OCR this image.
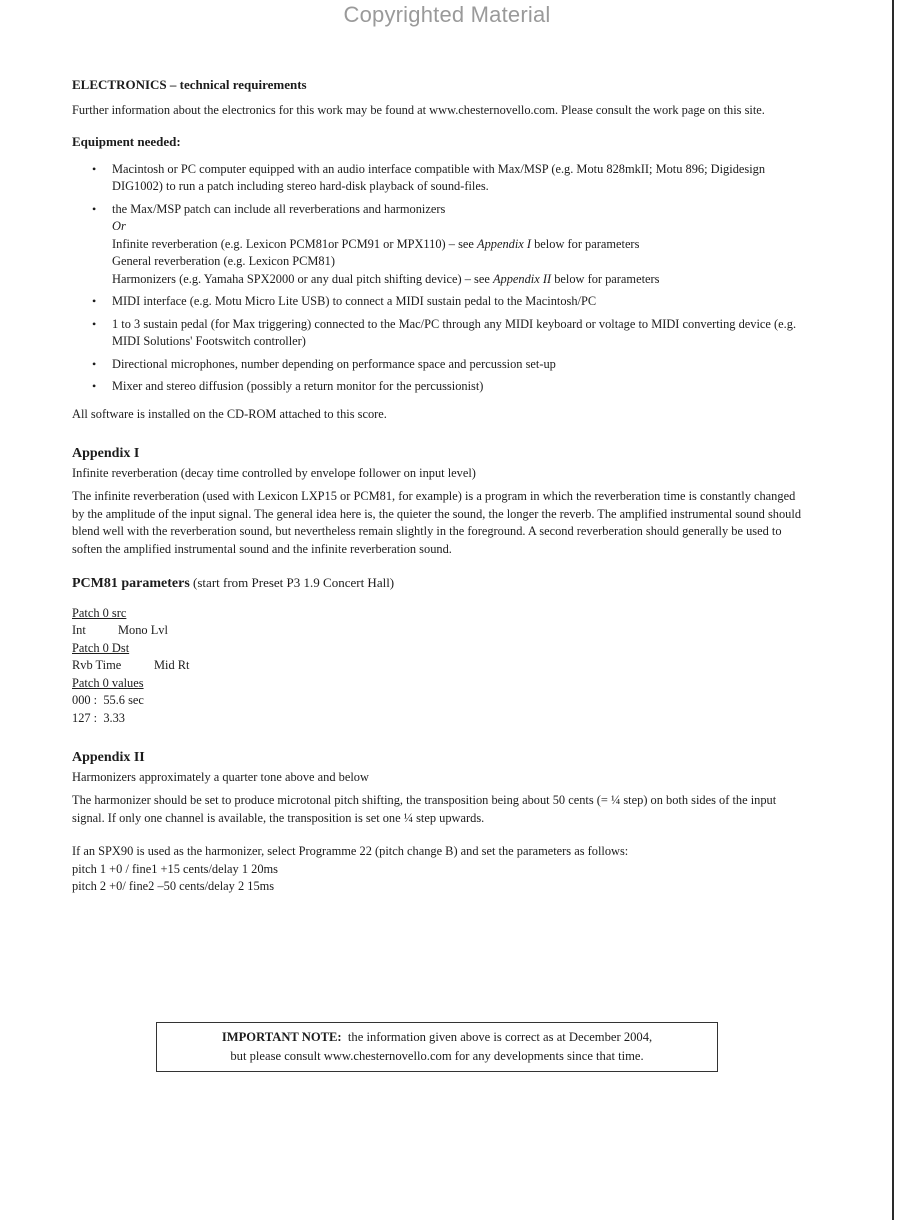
Copyrighted Material

ELECTRONICS – technical requirements

Further information about the electronics for this work may be found at www.chesternovello.com. Please consult the work page on this site.

Equipment needed:

• Macintosh or PC computer equipped with an audio interface compatible with Max/MSP (e.g. Motu 828mkII; Motu 896; Digidesign DIG1002) to run a patch including stereo hard-disk playback of sound-files.
• the Max/MSP patch can include all reverberations and harmonizers
Or
Infinite reverberation (e.g. Lexicon PCM81or PCM91 or MPX110) – see Appendix I below for parameters
General reverberation (e.g. Lexicon PCM81)
Harmonizers (e.g. Yamaha SPX2000 or any dual pitch shifting device) – see Appendix II below for parameters
• MIDI interface (e.g. Motu Micro Lite USB) to connect a MIDI sustain pedal to the Macintosh/PC
• 1 to 3 sustain pedal (for Max triggering) connected to the Mac/PC through any MIDI keyboard or voltage to MIDI converting device (e.g. MIDI Solutions' Footswitch controller)
• Directional microphones, number depending on performance space and percussion set-up
• Mixer and stereo diffusion (possibly a return monitor for the percussionist)

All software is installed on the CD-ROM attached to this score.

Appendix I

Infinite reverberation (decay time controlled by envelope follower on input level)

The infinite reverberation (used with Lexicon LXP15 or PCM81, for example) is a program in which the reverberation time is constantly changed by the amplitude of the input signal. The general idea here is, the quieter the sound, the longer the reverb. The amplified instrumental sound should blend well with the reverberation sound, but nevertheless remain slightly in the foreground. A second reverberation should generally be used to soften the amplified instrumental sound and the infinite reverberation sound.

PCM81 parameters (start from Preset P3 1.9 Concert Hall)

Patch 0 src
Int	Mono Lvl
Patch 0 Dst
Rvb Time	Mid Rt
Patch 0 values
000 :  55.6 sec
127 :  3.33

Appendix II

Harmonizers approximately a quarter tone above and below

The harmonizer should be set to produce microtonal pitch shifting, the transposition being about 50 cents (= ¼ step) on both sides of the input signal. If only one channel is available, the transposition is set one ¼ step upwards.

If an SPX90 is used as the harmonizer, select Programme 22 (pitch change B) and set the parameters as follows:

pitch 1 +0 / fine1 +15 cents/delay 1 20ms

pitch 2 +0/ fine2 –50 cents/delay 2 15ms

IMPORTANT NOTE:  the information given above is correct as at December 2004,
but please consult www.chesternovello.com for any developments since that time.
